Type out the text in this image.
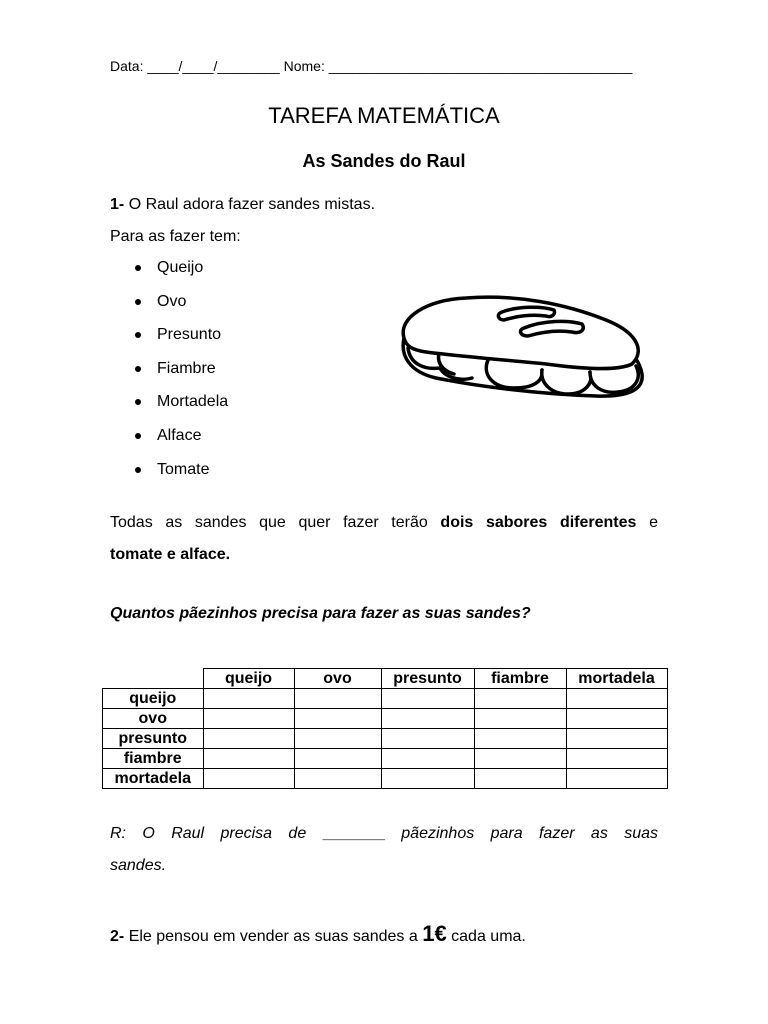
Data: ____/____/________ Nome: _______________________________________
TAREFA MATEMÁTICA
As Sandes do Raul
1- O Raul adora fazer sandes mistas.
Para as fazer tem:
Queijo
Ovo
Presunto
Fiambre
Mortadela
Alface
Tomate
Todas as sandes que quer fazer terão dois sabores diferentes e
tomate e alface.
Quantos pãezinhos precisa para fazer as suas sandes?
	queijo	ovo	presunto	fiambre	mortadela
queijo					
ovo					
presunto					
fiambre					
mortadela					
R: O Raul precisa de _______ pãezinhos para fazer as suas
sandes.
2- Ele pensou em vender as suas sandes a 1€ cada uma.
